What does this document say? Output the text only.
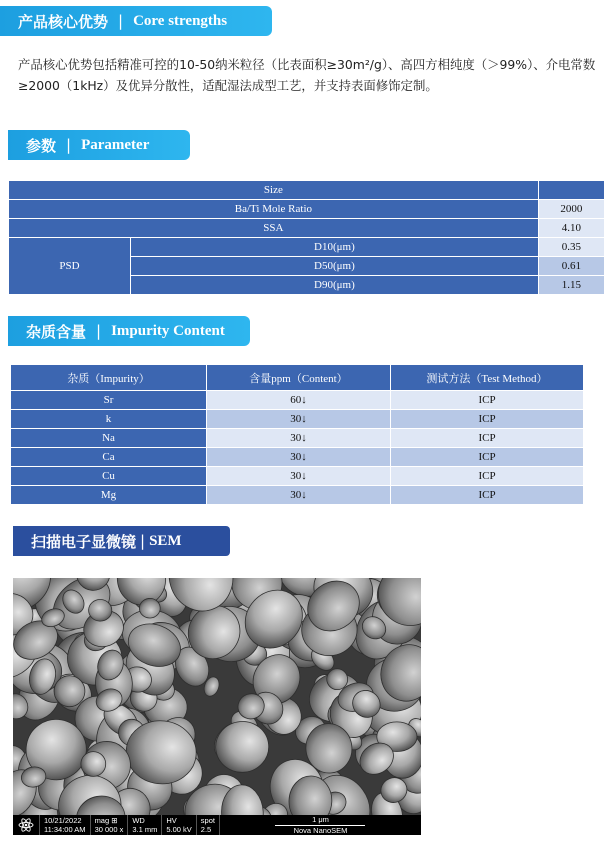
产品核心优势 | Core strengths

产品核心优势包括精准可控的10-50纳米粒径（比表面积≥30m²/g）、高四方相纯度（＞99%）、介电常数≥2000（1kHz）及优异分散性，适配湿法成型工艺，并支持表面修饰定制。

参数 | Parameter
Size		
Ba/Ti Mole Ratio		2000
SSA		4.10
PSD	D10(μm)	0.35
	D50(μm)	0.61
	D90(μm)	1.15
杂质含量 | Impurity Content
杂质（Impurity）	含量ppm（Content）	测试方法（Test Method）
Sr	60↓	ICP
k	30↓	ICP
Na	30↓	ICP
Ca	30↓	ICP
Cu	30↓	ICP
Mg	30↓	ICP
扫描电子显微镜 | SEM
10/21/2022
11:34:00 AM
mag ⊞
30 000 x
WD
3.1 mm
HV
5.00 kV
spot
2.5
1 μm
Nova NanoSEM
